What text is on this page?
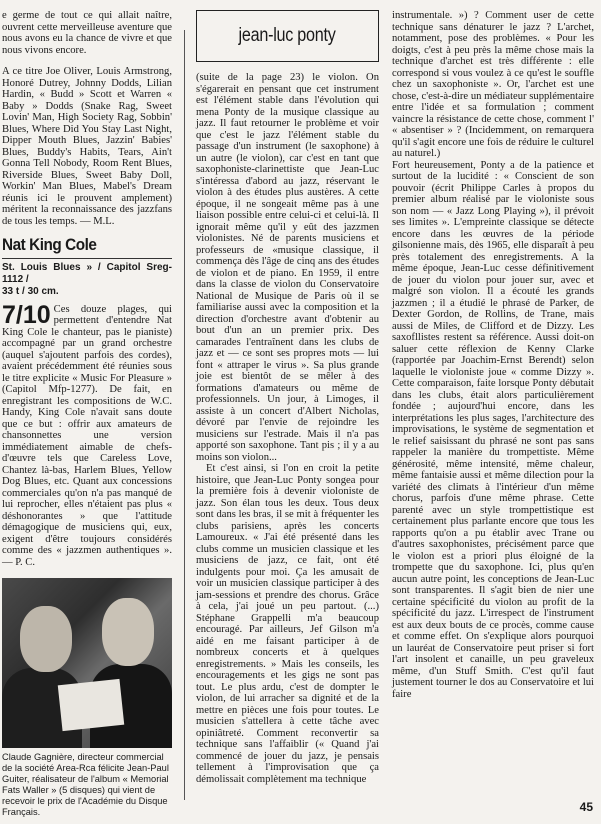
e germe de tout ce qui allait naître, ouvrent cette merveilleuse aventure que nous avons eu la chance de vivre et que nous vivons encore.

A ce titre Joe Oliver, Louis Armstrong, Honoré Dutrey, Johnny Dodds, Lilian Hardin, « Budd » Scott et Warren « Baby » Dodds (Snake Rag, Sweet Lovin' Man, High Society Rag, Sobbin' Blues, Where Did You Stay Last Night, Dipper Mouth Blues, Jazzin' Babies' Blues, Buddy's Habits, Tears, Ain't Gonna Tell Nobody, Room Rent Blues, Riverside Blues, Sweet Baby Doll, Workin' Man Blues, Mabel's Dream réunis ici le prouvent amplement) méritent la reconnaissance des jazzfans de tous les temps. — M.L.

Nat King Cole
St. Louis Blues » / Capitol Sreg-1112 /
33 t / 30 cm.
7/10 Ces douze plages, qui permettent d'entendre Nat King Cole le chanteur, pas le pianiste) accompagné par un grand orchestre (auquel s'ajoutent parfois des cordes), avaient précédemment été réunies sous le titre explicite « Music For Pleasure » (Capitol Mfp-1277). De fait, en enregistrant les compositions de W.C. Handy, King Cole n'avait sans doute que ce but : offrir aux amateurs de chansonnettes une version immédiatement aimable de chefs-d'œuvre tels que Careless Love, Chantez là-bas, Harlem Blues, Yellow Dog Blues, etc. Quant aux concessions commerciales qu'on n'a pas manqué de lui reprocher, elles n'étaient pas plus « déshonorantes » que l'attitude démagogique de musiciens qui, eux, exigent d'être toujours considérés comme des « jazzmen authentiques ». — P. C.

Claude Gagnière, directeur commercial de la société Area-Rca félicite Jean-Paul Guiter, réalisateur de l'album « Memorial Fats Waller » (5 disques) qui vient de recevoir le prix de l'Académie du Disque Français.
jean-luc ponty

(suite de la page 23) le violon. On s'égarerait en pensant que cet instrument est l'élément stable dans l'évolution qui mena Ponty de la musique classique au jazz. Il faut retourner le problème et voir que c'est le jazz l'élément stable du passage d'un instrument (le saxophone) à un autre (le violon), car c'est en tant que saxophoniste-clarinettiste que Jean-Luc s'intéressa d'abord au jazz, réservant le violon à des études plus austères. A cette époque, il ne songeait même pas à une liaison possible entre celui-ci et celui-là. Il ignorait même qu'il y eût des jazzmen violonistes. Né de parents musiciens et professeurs de «musique classique, il commença dès l'âge de cinq ans des études de violon et de piano. En 1959, il entre dans la classe de violon du Conservatoire National de Musique de Paris où il se familiarise aussi avec la composition et la direction d'orchestre avant d'obtenir au bout d'un an un premier prix. Des camarades l'entraînent dans les clubs de jazz et — ce sont ses propres mots — lui font « attraper le virus ». Sa plus grande joie est bientôt de se mêler à des formations d'amateurs ou même de professionnels. Un jour, à Limoges, il assiste à un concert d'Albert Nicholas, dévoré par l'envie de rejoindre les musiciens sur l'estrade. Mais il n'a pas apporté son saxophone. Tant pis ; il y a au moins son violon...

Et c'est ainsi, si l'on en croit la petite histoire, que Jean-Luc Ponty songea pour la première fois à devenir violoniste de jazz. Son élan tous les deux. Tous deux sont dans les bras, il se mit à fréquenter les clubs parisiens, après les concerts Lamoureux. « J'ai été présenté dans les clubs comme un musicien classique et les musiciens de jazz, ce fait, ont été indulgents pour moi. Ça les amusait de voir un musicien classique participer à des jam-sessions et prendre des chorus. Grâce à cela, j'ai joué un peu partout. (...) Stéphane Grappelli m'a beaucoup encouragé. Par ailleurs, Jef Gilson m'a aidé en me faisant participer à de nombreux concerts et à quelques enregistrements. » Mais les conseils, les encouragements et les gigs ne sont pas tout. Le plus ardu, c'est de dompter le violon, de lui arracher sa dignité et de la mettre en pièces une fois pour toutes. Le musicien s'attellera à cette tâche avec opiniâtreté. Comment reconvertir sa technique sans l'affaiblir (« Quand j'ai commencé de jouer du jazz, je pensais tellement à l'improvisation que ça démolissait complètement ma technique

instrumentale. ») ? Comment user de cette technique sans dénaturer le jazz ? L'archet, notamment, pose des problèmes. « Pour les doigts, c'est à peu près la même chose mais la technique d'archet est très différente : elle correspond si vous voulez à ce qu'est le souffle chez un saxophoniste ». Or, l'archet est une chose, c'est-à-dire un médiateur supplémentaire entre l'idée et sa formulation ; comment vaincre la résistance de cette chose, comment l' « absentiser » ? (Incidemment, on remarquera qu'il s'agit encore une fois de réduire le culturel au naturel.)

Fort heureusement, Ponty a de la patience et surtout de la lucidité : « Conscient de son pouvoir (écrit Philippe Carles à propos du premier album réalisé par le violoniste sous son nom — « Jazz Long Playing »), il prévoit ses limites ». L'empreinte classique se détecte encore dans les œuvres de la période gilsonienne mais, dès 1965, elle disparaît à peu près totalement des enregistrements. A la même époque, Jean-Luc cesse définitivement de jouer du violon pour jouer sur, avec et malgré son violon. Il a écouté les grands jazzmen ; il a étudié le phrasé de Parker, de Dexter Gordon, de Rollins, de Trane, mais aussi de Miles, de Clifford et de Dizzy. Les saxofllistes restent sa référence. Aussi doit-on saluer cette réflexion de Kenny Clarke (rapportée par Joachim-Ernst Berendt) selon laquelle le violoniste joue « comme Dizzy ». Cette comparaison, faite lorsque Ponty débutait dans les clubs, était alors particulièrement fondée ; aujourd'hui encore, dans les interprétations les plus sages, l'architecture des improvisations, le système de segmentation et le relief saisissant du phrasé ne sont pas sans rappeler la manière du trompettiste. Même générosité, même intensité, même chaleur, même fantaisie aussi et même dilection pour la variété des climats à l'intérieur d'un même chorus, parfois d'une même phrase. Cette parenté avec un style trompettistique est certainement plus parlante encore que tous les rapports qu'on a pu établir avec Trane ou d'autres saxophonistes, précisément parce que le violon est a priori plus éloigné de la trompette que du saxophone. Ici, plus qu'en aucun autre point, les conceptions de Jean-Luc sont transparentes. Il s'agit bien de nier une certaine spécificité du violon au profit de la spécificité du jazz. L'irrespect de l'instrument est aux deux bouts de ce procès, comme cause et comme effet. On s'explique alors pourquoi un lauréat de Conservatoire peut priser si fort l'art insolent et canaille, un peu graveleux même, d'un Stuff Smith. C'est qu'il faut justement tourner le dos au Conservatoire et lui faire

45
